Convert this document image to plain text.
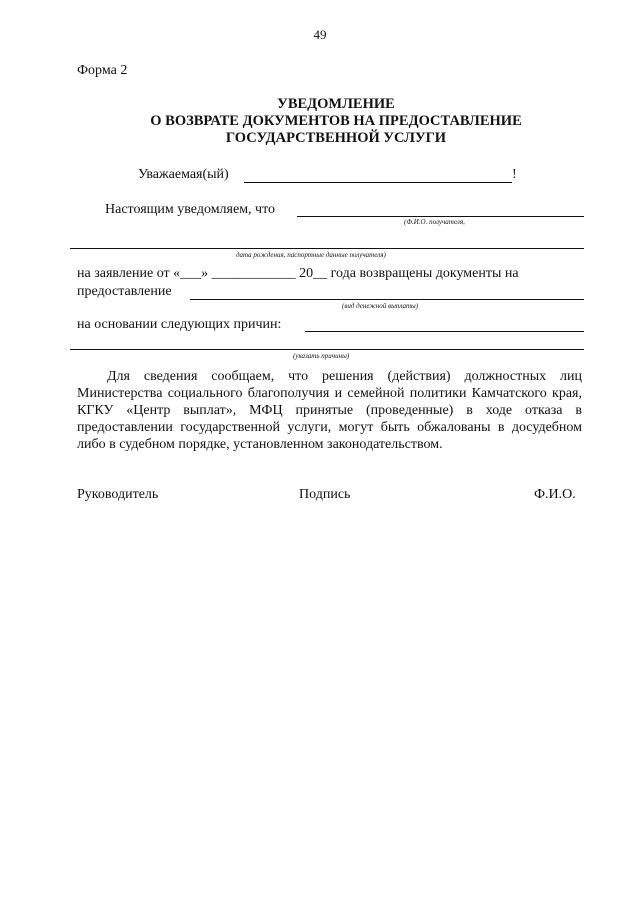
49
Форма 2
УВЕДОМЛЕНИЕ
О ВОЗВРАТЕ ДОКУМЕНТОВ НА ПРЕДОСТАВЛЕНИЕ
ГОСУДАРСТВЕННОЙ УСЛУГИ
Уважаемая(ый)	!
Настоящим уведомляем, что
(Ф.И.О. получателя,
дата рождения, паспортные данные получателя)
на заявление от «___» ____________ 20__ года возвращены документы на
предоставление
(вид денежной выплаты)
на основании следующих причин:
(указать причины)
Для сведения сообщаем, что решения (действия) должностных лиц Министерства социального благополучия и семейной политики Камчатского края, КГКУ «Центр выплат», МФЦ принятые (проведенные) в ходе отказа в предоставлении государственной услуги, могут быть обжалованы в досудебном либо в судебном порядке, установленном законодательством.
Руководитель	Подпись	Ф.И.О.
